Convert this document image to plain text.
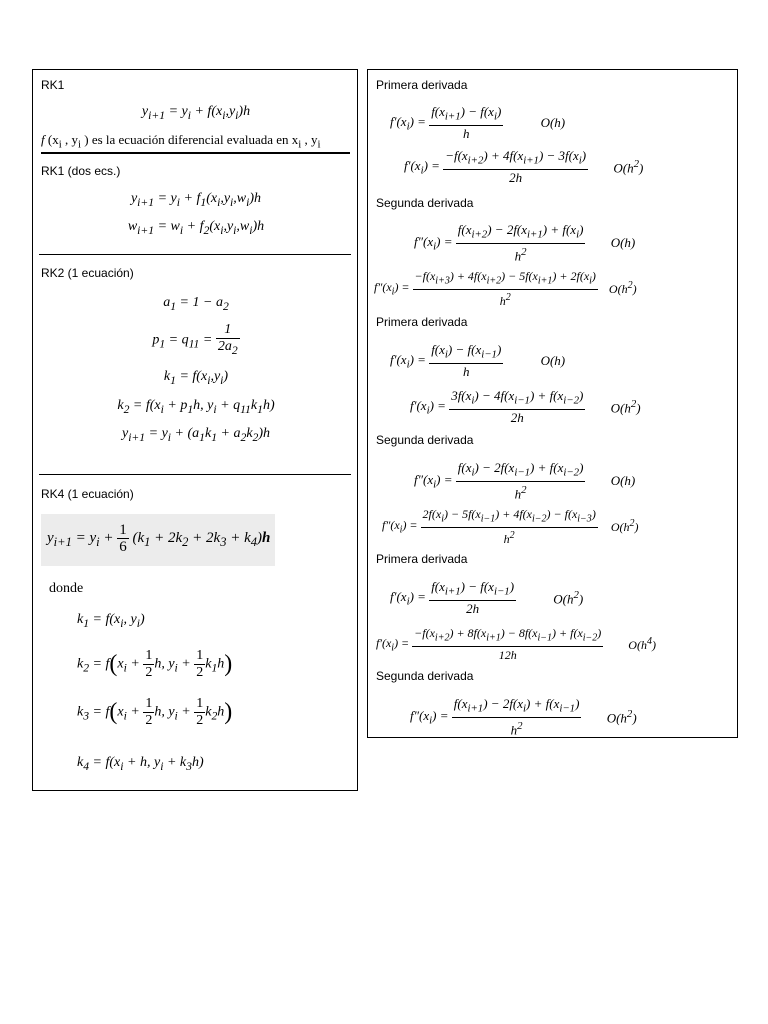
RK1
$y_{i+1} = y_i + f(x_i,y_i)h$
f ($x_i$ , $y_i$ ) es la ecuación diferencial evaluada en $x_i$ , $y_i$
RK1 (dos ecs.)
$y_{i+1} = y_i + f_1(x_i,y_i,w_i)h$
$w_{i+1} = w_i + f_2(x_i,y_i,w_i)h$
RK2 (1 ecuación)
$a_1 = 1 - a_2$
$p_1 = q_{11} = \frac{1}{2a_2}$
$k_1 = f(x_i,y_i)$
$k_2 = f(x_i + p_1h$, $y_i + q_{11}k_1h$)
$y_{i+1} = y_i + (a_1k_1 + a_2k_2)h$
RK4 (1 ecuación)
$y_{i+1} = y_i + \frac{1}{6} (k_1 + 2k_2 + 2k_3 + k_4)h$
donde
$k_1 = f(x_i$, $y_i$)
$k_2 = f(x_i + \frac{1}{2} h$, $y_i + \frac{1}{2} k_1h$)
$k_3 = f(x_i + \frac{1}{2} h$, $y_i + \frac{1}{2} k_2h$)
$k_4 = f(x_i + h$, $y_i + k_3h$)
Primera derivada
$f'(x_i) = \frac{f(x_{i+1}) - f(x_i)}{h}$	O(h)
$f'(x_i) = \frac{-f(x_{i+2}) + 4f(x_{i+1}) - 3f(x_i)}{2h} O(h^2)$
Segunda derivada
$f''(x_i) = \frac{f(x_{i+2}) - 2f(x_{i+1}) + f(x_i)}{h^2} O(h)$
$f''(x_i) = \frac{-f(x_{i+3}) + 4f(x_{i+2}) - 5f(x_{i+1}) + 2f(x_i)}{h^2} O(h^2)$
Primera derivada
$f'(x_i) = \frac{f(x_i) - f(x_{i-1})}{h}$	O(h)
$f'(x_i) = \frac{3f(x_i) - 4f(x_{i-1}) + f(x_{i-2})}{2h} O(h^2)$
Segunda derivada
$f''(x_i) = \frac{f(x_i) - 2f(x_{i-1}) + f(x_{i-2})}{h^2} O(h)$
$f''(x_i) = \frac{2f(x_i) - 5f(x_{i-1}) + 4f(x_{i-2}) - f(x_{i-3})}{h^2} O(h^2)$
Primera derivada
$f'(x_i) = \frac{f(x_{i+1}) - f(x_{i-1})}{2h}$	$O(h^2)$
$f'(x_i) = \frac{-f(x_{i+2}) + 8f(x_{i+1}) - 8f(x_{i-1}) + f(x_{i-2})}{12h} O(h^4)$
Segunda derivada
$f''(x_i) = \frac{f(x_{i+1}) - 2f(x_i) + f(x_{i-1})}{h^2} O(h^2)$
